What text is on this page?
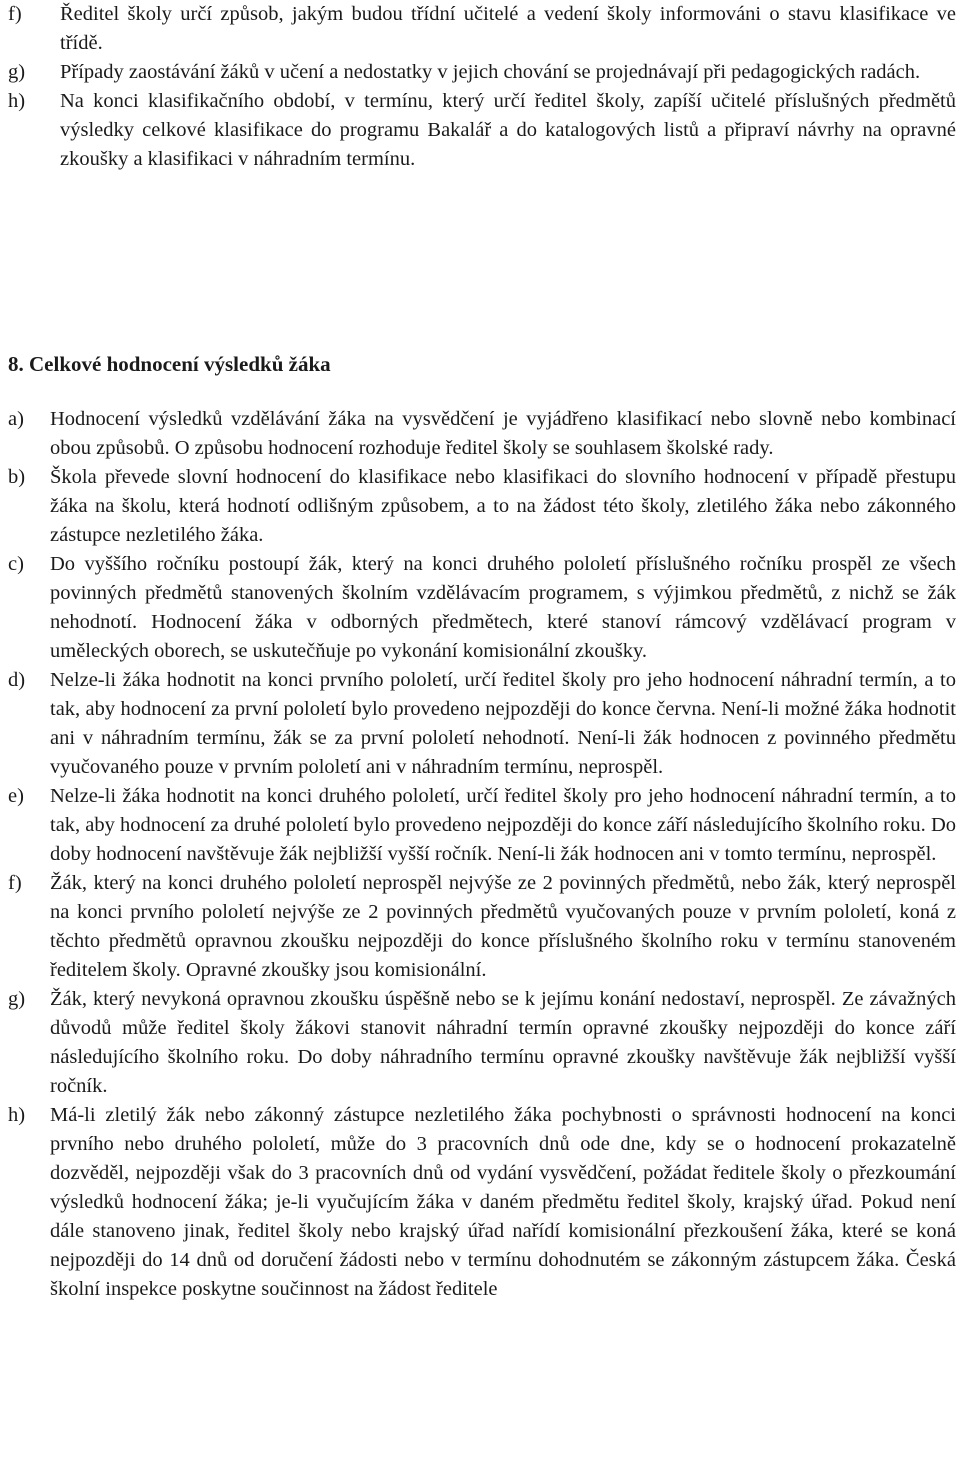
f)	Ředitel školy určí způsob, jakým budou třídní učitelé a vedení školy informováni o stavu klasifikace ve třídě.
g)	Případy zaostávání žáků v učení a nedostatky v jejich chování se projednávají při pedagogických radách.
h)	Na konci klasifikačního období, v termínu, který určí ředitel školy, zapíší učitelé příslušných předmětů výsledky celkové klasifikace do programu Bakalář a do katalogových listů a připraví návrhy na opravné zkoušky a klasifikaci v náhradním termínu.
8. Celkové hodnocení výsledků žáka
a)	Hodnocení výsledků vzdělávání žáka na vysvědčení je vyjádřeno klasifikací nebo slovně nebo kombinací obou způsobů. O způsobu hodnocení rozhoduje ředitel školy se souhlasem školské rady.
b)	Škola převede slovní hodnocení do klasifikace nebo klasifikaci do slovního hodnocení v případě přestupu žáka na školu, která hodnotí odlišným způsobem, a to na žádost této školy, zletilého žáka nebo zákonného zástupce nezletilého žáka.
c)	Do vyššího ročníku postoupí žák, který na konci druhého pololetí příslušného ročníku prospěl ze všech povinných předmětů stanovených školním vzdělávacím programem, s výjimkou předmětů, z nichž se žák nehodnotí. Hodnocení žáka v odborných předmětech, které stanoví rámcový vzdělávací program v uměleckých oborech, se uskutečňuje po vykonání komisionální zkoušky.
d)	Nelze-li žáka hodnotit na konci prvního pololetí, určí ředitel školy pro jeho hodnocení náhradní termín, a to tak, aby hodnocení za první pololetí bylo provedeno nejpozději do konce června. Není-li možné žáka hodnotit ani v náhradním termínu, žák se za první pololetí nehodnotí. Není-li žák hodnocen z povinného předmětu vyučovaného pouze v prvním pololetí ani v náhradním termínu, neprospěl.
e)	Nelze-li žáka hodnotit na konci druhého pololetí, určí ředitel školy pro jeho hodnocení náhradní termín, a to tak, aby hodnocení za druhé pololetí bylo provedeno nejpozději do konce září následujícího školního roku. Do doby hodnocení navštěvuje žák nejbližší vyšší ročník. Není-li žák hodnocen ani v tomto termínu, neprospěl.
f)	Žák, který na konci druhého pololetí neprospěl nejvýše ze 2 povinných předmětů, nebo žák, který neprospěl na konci prvního pololetí nejvýše ze 2 povinných předmětů vyučovaných pouze v prvním pololetí, koná z těchto předmětů opravnou zkoušku nejpozději do konce příslušného školního roku v termínu stanoveném ředitelem školy. Opravné zkoušky jsou komisionální.
g)	Žák, který nevykoná opravnou zkoušku úspěšně nebo se k jejímu konání nedostaví, neprospěl. Ze závažných důvodů může ředitel školy žákovi stanovit náhradní termín opravné zkoušky nejpozději do konce září následujícího školního roku. Do doby náhradního termínu opravné zkoušky navštěvuje žák nejbližší vyšší ročník.
h)	Má-li zletilý žák nebo zákonný zástupce nezletilého žáka pochybnosti o správnosti hodnocení na konci prvního nebo druhého pololetí, může do 3 pracovních dnů ode dne, kdy se o hodnocení prokazatelně dozvěděl, nejpozději však do 3 pracovních dnů od vydání vysvědčení, požádat ředitele školy o přezkoumání výsledků hodnocení žáka; je-li vyučujícím žáka v daném předmětu ředitel školy, krajský úřad. Pokud není dále stanoveno jinak, ředitel školy nebo krajský úřad nařídí komisionální přezkoušení žáka, které se koná nejpozději do 14 dnů od doručení žádosti nebo v termínu dohodnutém se zákonným zástupcem žáka. Česká školní inspekce poskytne součinnost na žádost ředitele
